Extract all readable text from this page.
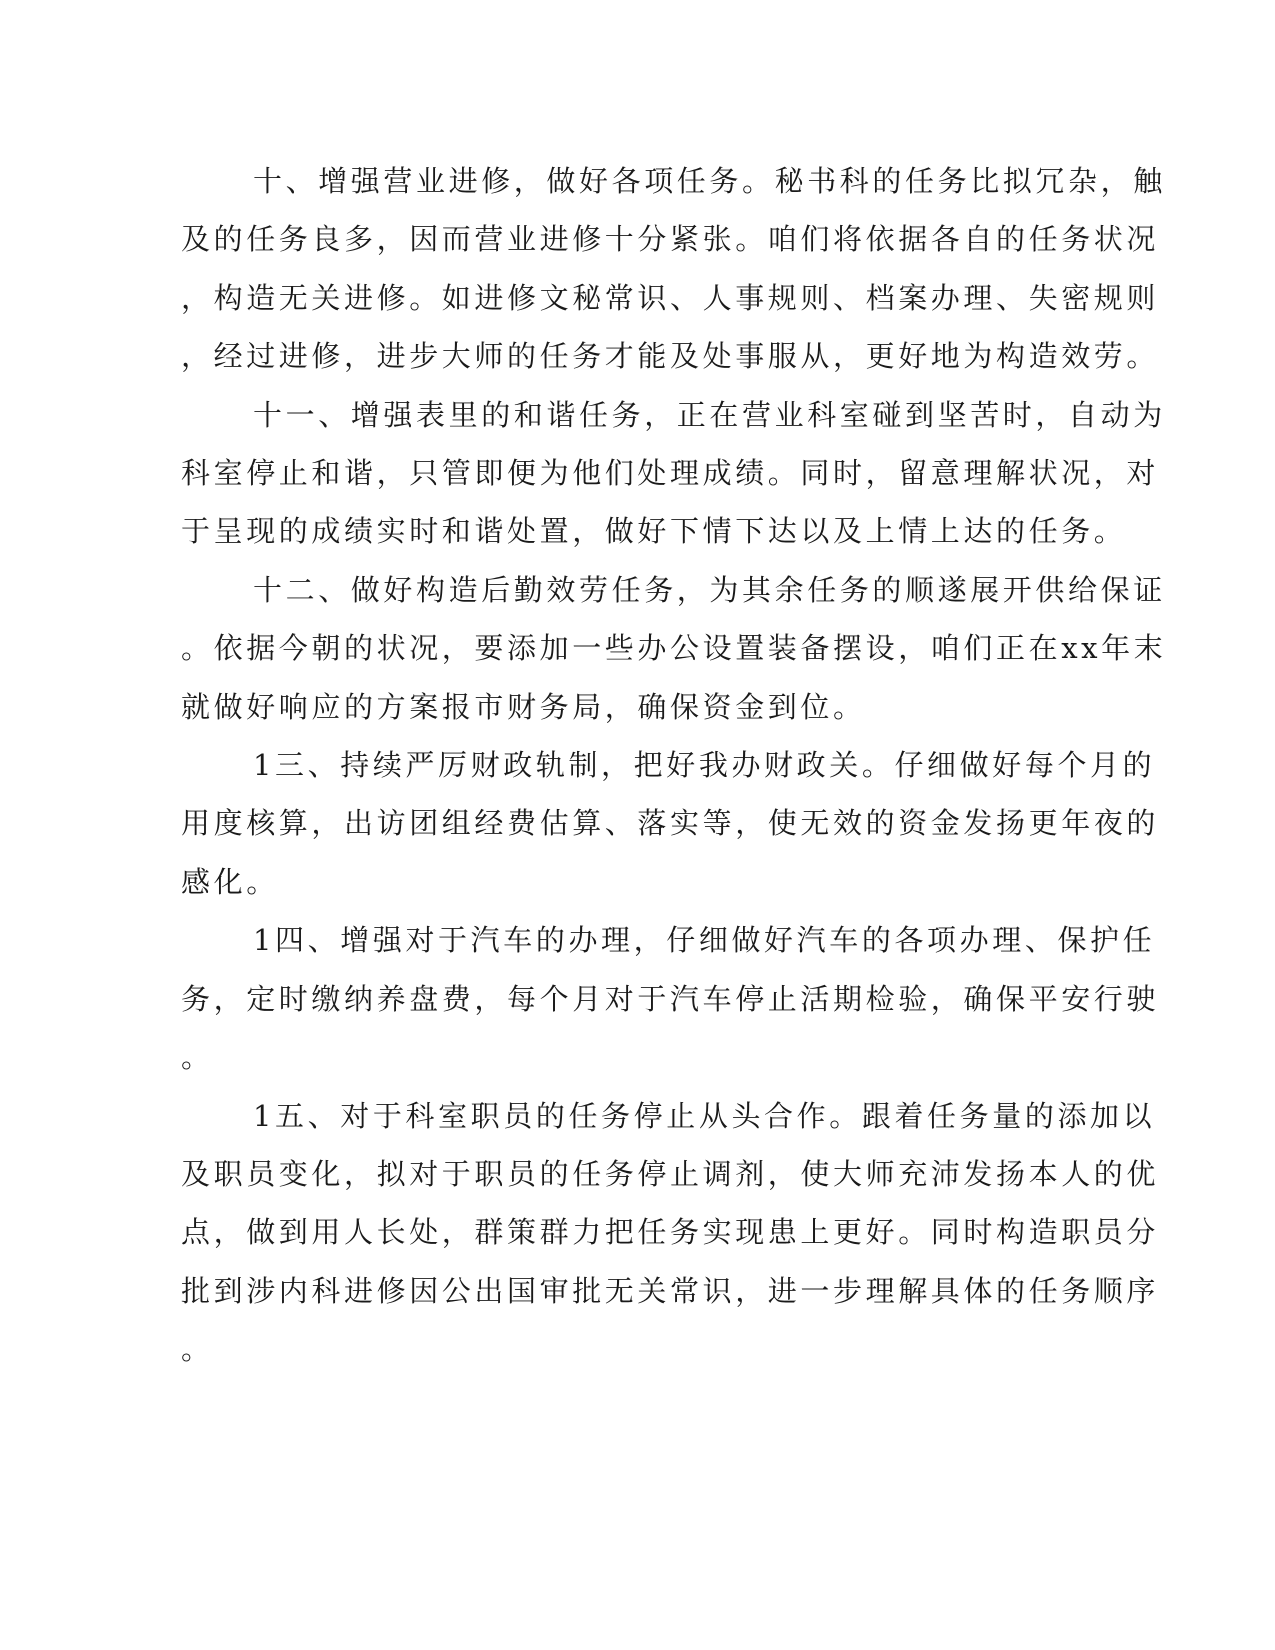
十、增强营业进修，做好各项任务。秘书科的任务比拟冗杂，触
及的任务良多，因而营业进修十分紧张。咱们将依据各自的任务状况
，构造无关进修。如进修文秘常识、人事规则、档案办理、失密规则
，经过进修，进步大师的任务才能及处事服从，更好地为构造效劳。

十一、增强表里的和谐任务，正在营业科室碰到坚苦时，自动为
科室停止和谐，只管即便为他们处理成绩。同时，留意理解状况，对
于呈现的成绩实时和谐处置，做好下情下达以及上情上达的任务。

十二、做好构造后勤效劳任务，为其余任务的顺遂展开供给保证
。依据今朝的状况，要添加一些办公设置装备摆设，咱们正在xx年末
就做好响应的方案报市财务局，确保资金到位。

1三、持续严厉财政轨制，把好我办财政关。仔细做好每个月的
用度核算，出访团组经费估算、落实等，使无效的资金发扬更年夜的
感化。

1四、增强对于汽车的办理，仔细做好汽车的各项办理、保护任
务，定时缴纳养盘费，每个月对于汽车停止活期检验，确保平安行驶
。

1五、对于科室职员的任务停止从头合作。跟着任务量的添加以
及职员变化，拟对于职员的任务停止调剂，使大师充沛发扬本人的优
点，做到用人长处，群策群力把任务实现患上更好。同时构造职员分
批到涉内科进修因公出国审批无关常识，进一步理解具体的任务顺序
。
